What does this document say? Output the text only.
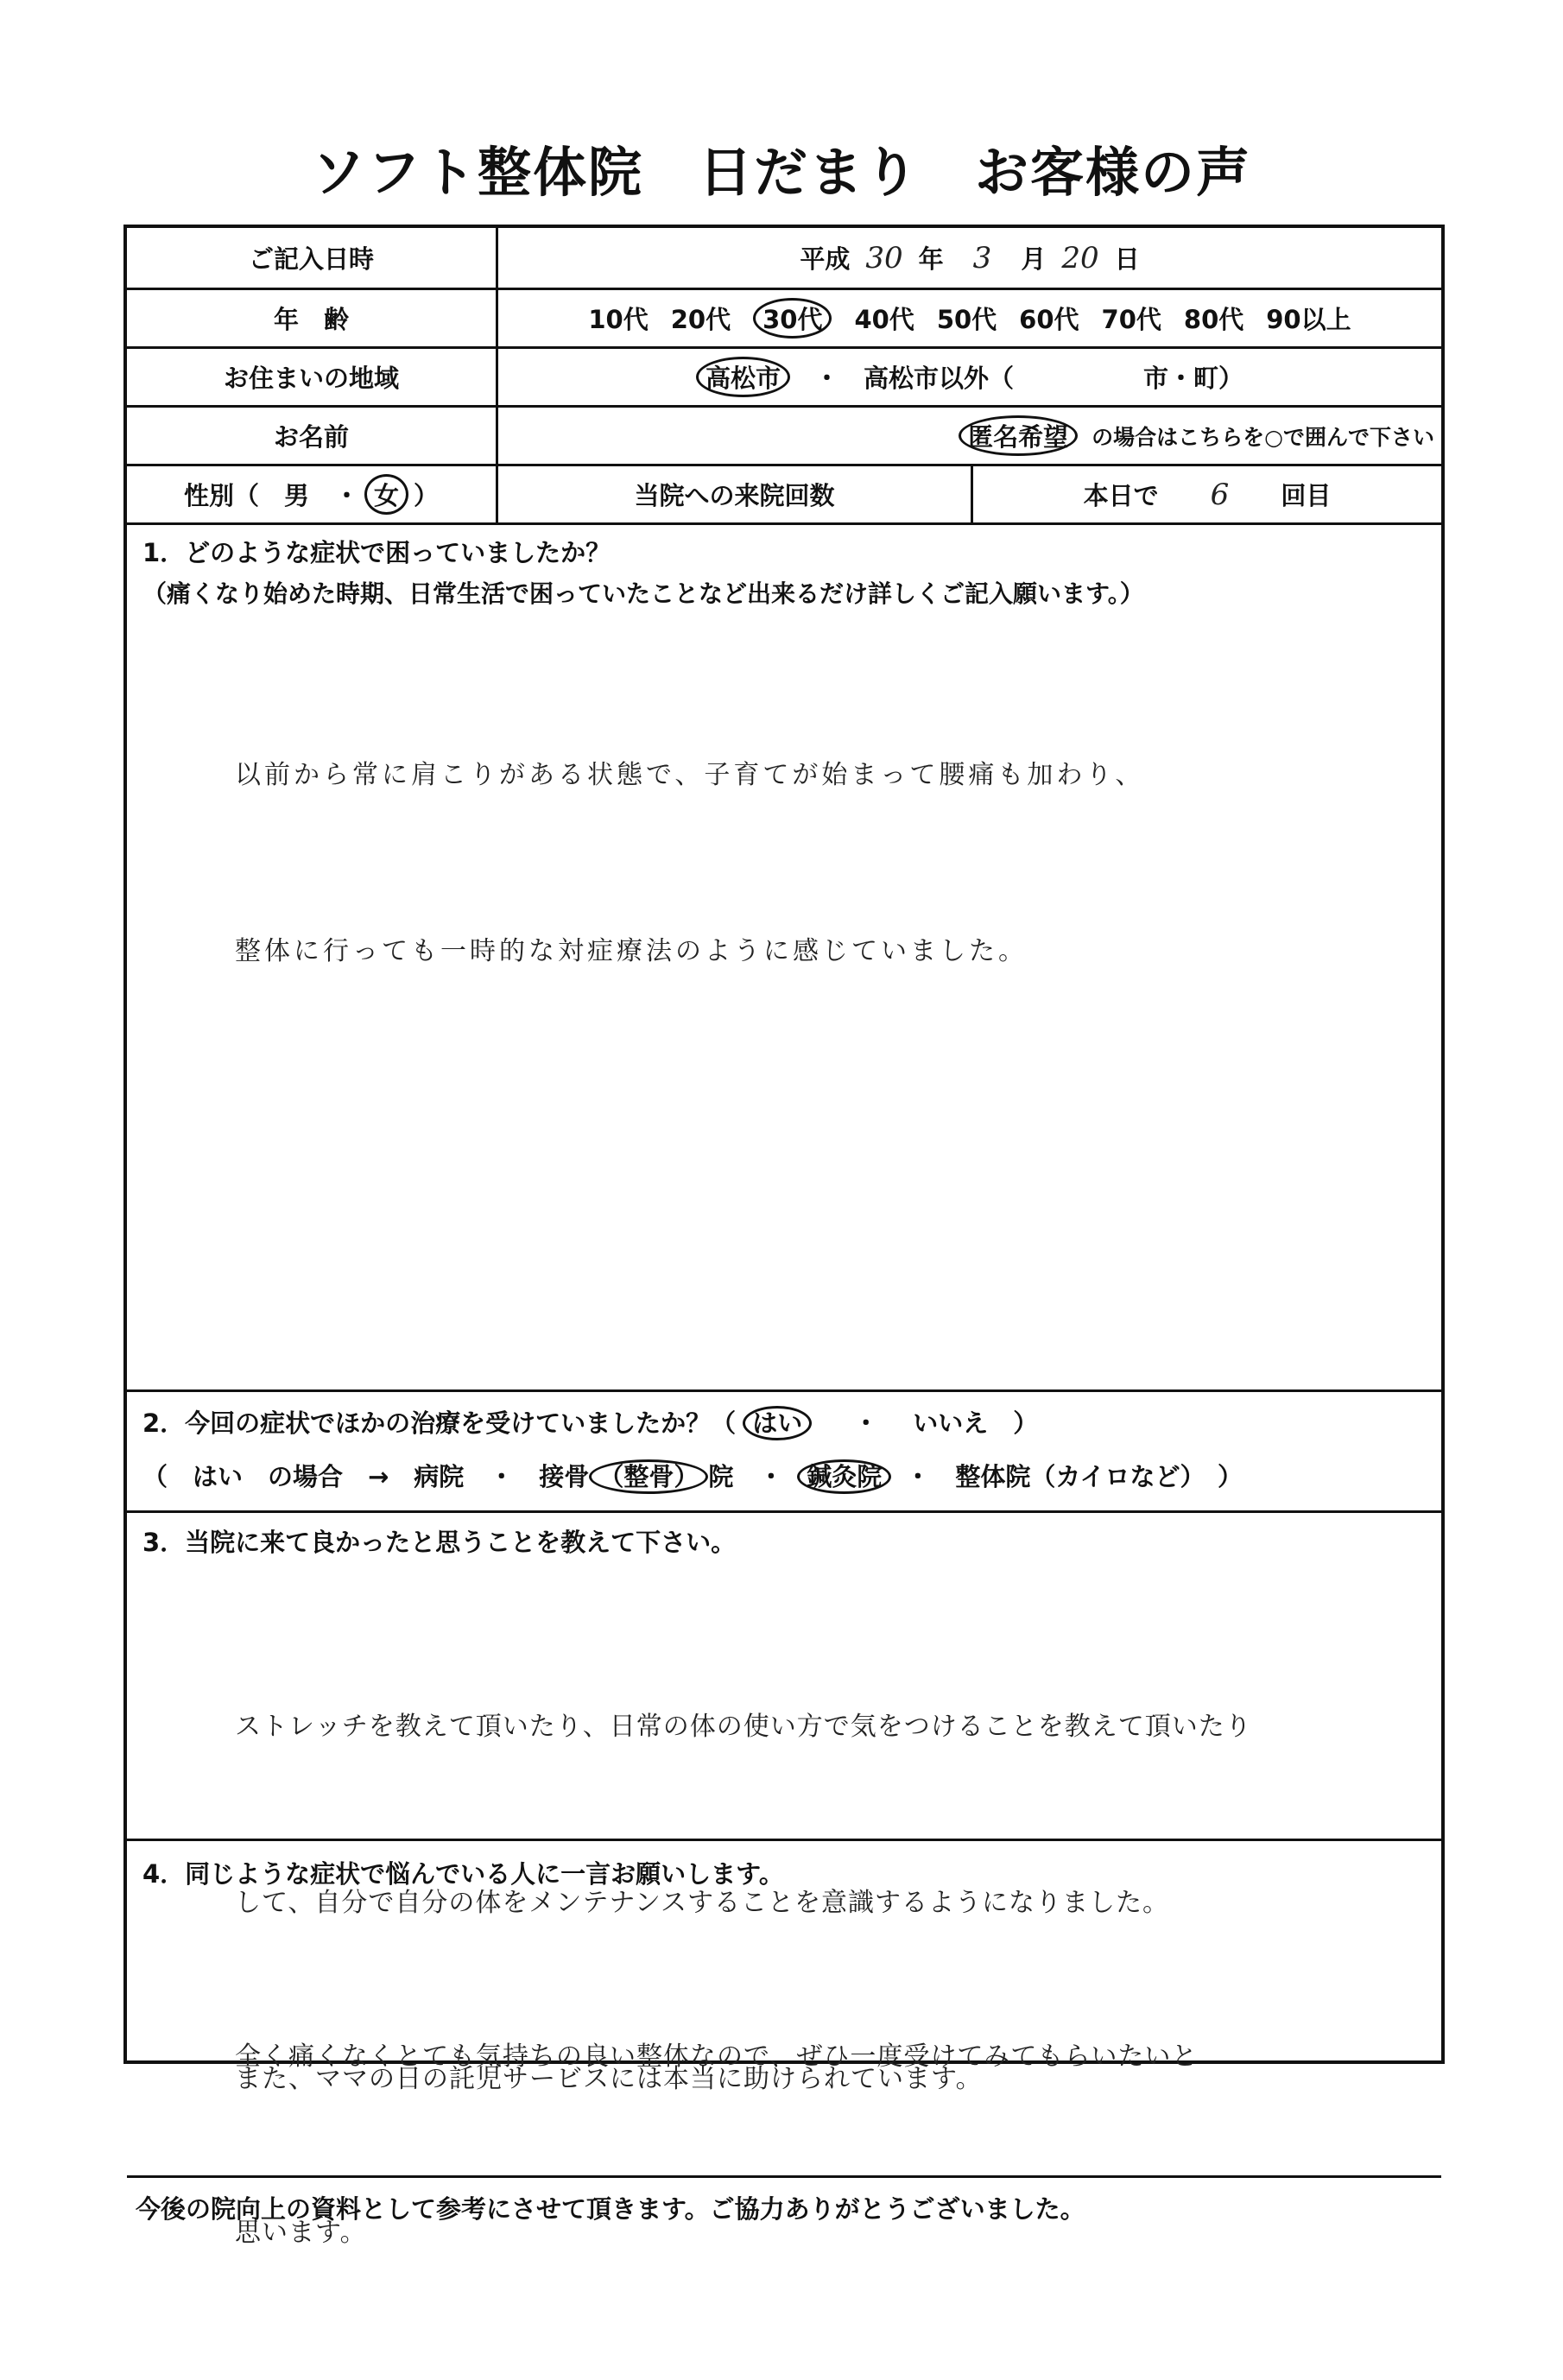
ソフト整体院　日だまり　お客様の声
ご記入日時	平成 30 年 3 月 20 日
年　齢	10代 20代	30代	40代 50代 60代 70代 80代 90以上
お住まいの地域	高松市	・ 高松市以外（	市・町）
お名前	匿名希望	の場合はこちらを○で囲んで下さい
性別（　男　・ 女 ）	当院への来院回数	本日で 6 回目
1．どのような症状で困っていましたか？
（痛くなり始めた時期、日常生活で困っていたことなど出来るだけ詳しくご記入願います。）

以前から常に肩こりがある状態で、子育てが始まって腰痛も加わり、

整体に行っても一時的な対症療法のように感じていました。

2．今回の症状でほかの治療を受けていましたか？（ はい ・ いいえ　）
（　はい　の場合　→　病院　・　接骨 （整骨） 院　・ 鍼灸院 ・　整体院（カイロなど）　）
3．当院に来て良かったと思うことを教えて下さい。

ストレッチを教えて頂いたり、日常の体の使い方で気をつけることを教えて頂いたり

して、自分で自分の体をメンテナンスすることを意識するようになりました。

また、ママの日の託児サービスには本当に助けられています。

4．同じような症状で悩んでいる人に一言お願いします。

全く痛くなくとても気持ちの良い整体なので、ぜひ一度受けてみてもらいたいと

思います。

今後の院向上の資料として参考にさせて頂きます。ご協力ありがとうございました。
